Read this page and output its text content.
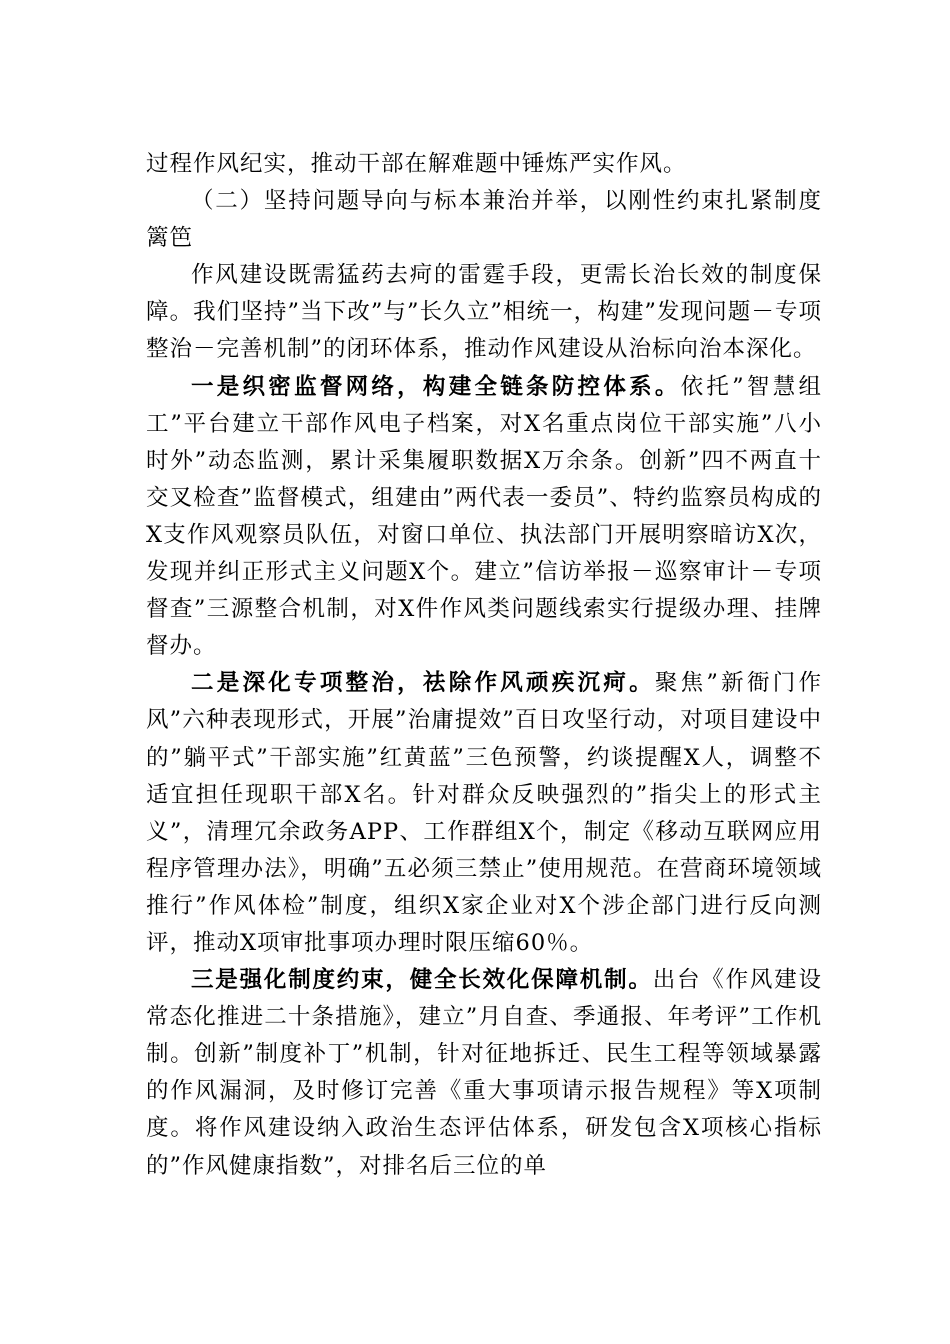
过程作风纪实，推动干部在解难题中锤炼严实作风。

（二）坚持问题导向与标本兼治并举，以刚性约束扎紧制度篱笆

作风建设既需猛药去疴的雷霆手段，更需长治长效的制度保障。我们坚持”当下改”与”长久立”相统一，构建”发现问题－专项整治－完善机制”的闭环体系，推动作风建设从治标向治本深化。

一是织密监督网络，构建全链条防控体系。依托”智慧组工”平台建立干部作风电子档案，对X名重点岗位干部实施”八小时外”动态监测，累计采集履职数据X万余条。创新”四不两直十交叉检查”监督模式，组建由”两代表一委员”、特约监察员构成的X支作风观察员队伍，对窗口单位、执法部门开展明察暗访X次，发现并纠正形式主义问题X个。建立”信访举报－巡察审计－专项督查”三源整合机制，对X件作风类问题线索实行提级办理、挂牌督办。

二是深化专项整治，祛除作风顽疾沉疴。聚焦”新衙门作风”六种表现形式，开展”治庸提效”百日攻坚行动，对项目建设中的”躺平式”干部实施”红黄蓝”三色预警，约谈提醒X人，调整不适宜担任现职干部X名。针对群众反映强烈的”指尖上的形式主义”，清理冗余政务APP、工作群组X个，制定《移动互联网应用程序管理办法》，明确”五必须三禁止”使用规范。在营商环境领域推行”作风体检”制度，组织X家企业对X个涉企部门进行反向测评，推动X项审批事项办理时限压缩60％。

三是强化制度约束，健全长效化保障机制。出台《作风建设常态化推进二十条措施》，建立”月自查、季通报、年考评”工作机制。创新”制度补丁”机制，针对征地拆迁、民生工程等领域暴露的作风漏洞，及时修订完善《重大事项请示报告规程》等X项制度。将作风建设纳入政治生态评估体系，研发包含X项核心指标的”作风健康指数”，对排名后三位的单
